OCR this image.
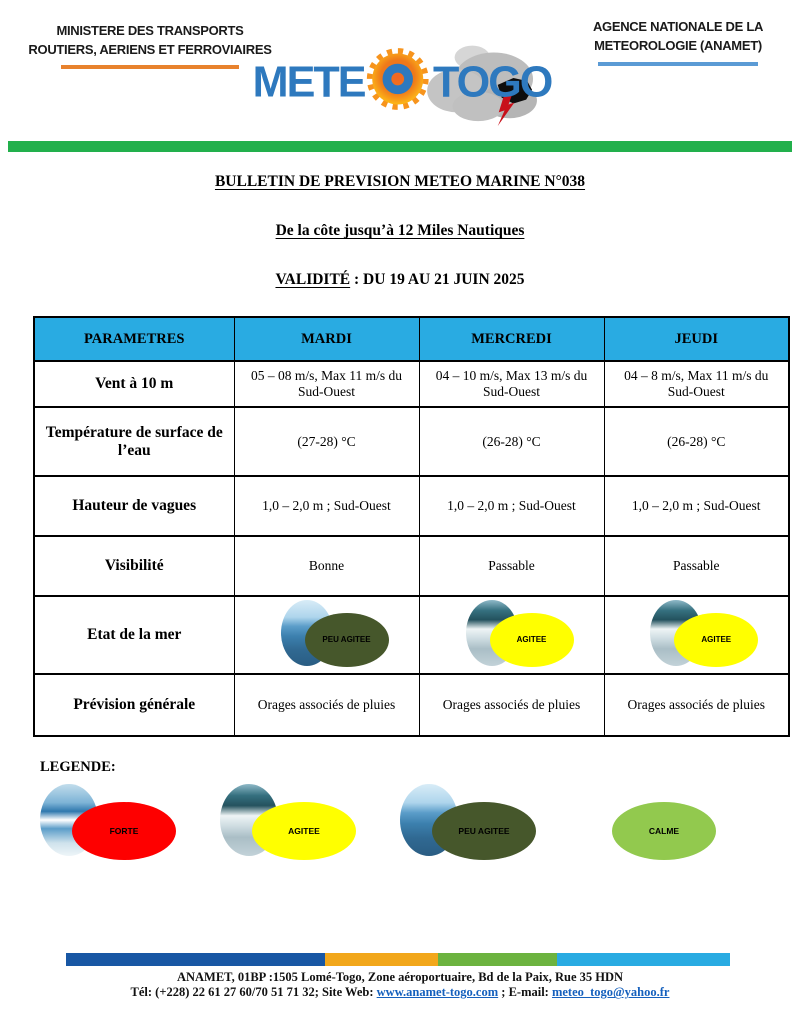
MINISTERE DES TRANSPORTS
ROUTIERS, AERIENS ET FERROVIAIRES
METE TOGO
AGENCE NATIONALE DE LA
METEOROLOGIE (ANAMET)
BULLETIN DE PREVISION METEO MARINE N°038
De la côte jusqu’à 12 Miles Nautiques
VALIDITÉ : DU 19 AU 21 JUIN 2025
PARAMETRES	MARDI	MERCREDI	JEUDI
Vent à 10 m	05 – 08 m/s, Max 11 m/s du Sud-Ouest	04 – 10 m/s, Max 13 m/s du Sud-Ouest	04 – 8 m/s, Max 11 m/s du Sud-Ouest
Température de surface de l’eau	(27-28) °C	(26-28) °C	(26-28) °C
Hauteur de vagues	1,0 – 2,0 m ; Sud-Ouest	1,0 – 2,0 m ; Sud-Ouest	1,0 – 2,0 m ; Sud-Ouest
Visibilité	Bonne	Passable	Passable
Etat de la mer	PEU AGITEE	AGITEE	AGITEE

Prévision générale	Orages associés de pluies	Orages associés de pluies	Orages associés de pluies
LEGENDE:
FORTE	AGITEE	PEU AGITEE	CALME
ANAMET, 01BP :1505 Lomé-Togo, Zone aéroportuaire, Bd de la Paix, Rue 35 HDN
Tél: (+228) 22 61 27 60/70 51 71 32; Site Web: www.anamet-togo.com ; E-mail: meteo_togo@yahoo.fr
